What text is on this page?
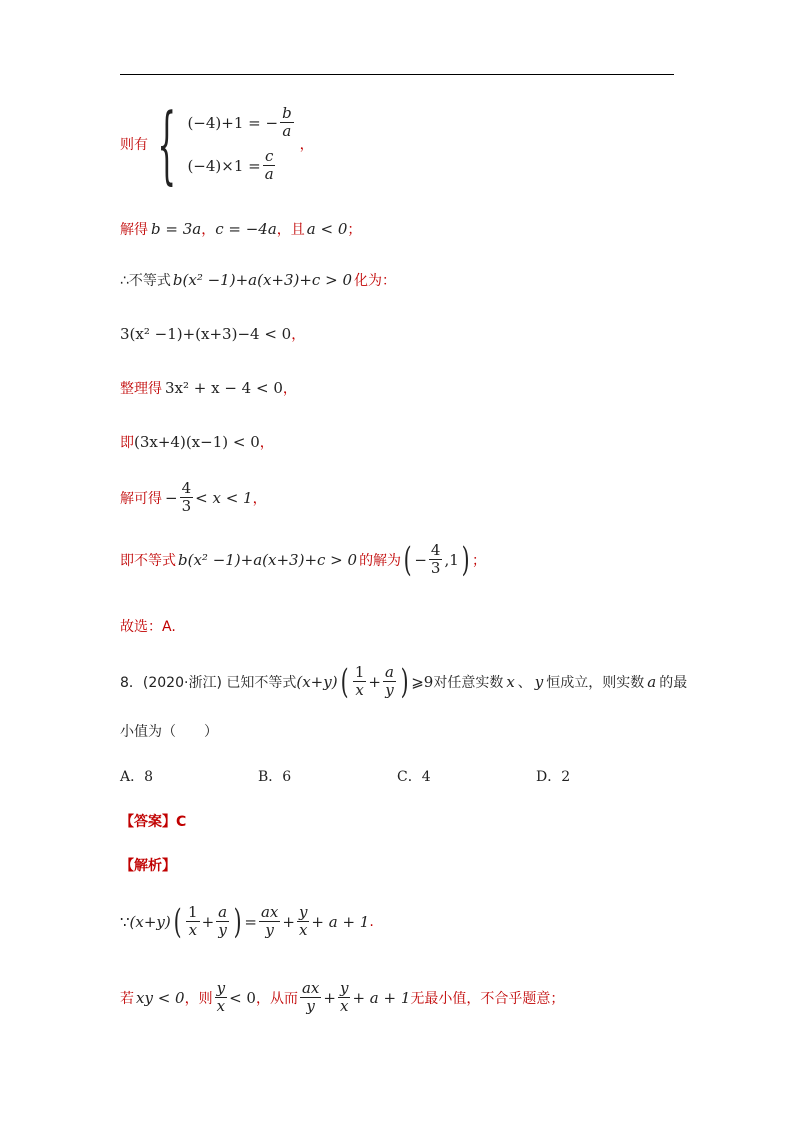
则有 { (−4)+1 = − $\frac{b}{a}$
$(-4)\times 1 = \frac{c}{a}$
，
解得 b = 3a ， c = −4a ，且 a < 0 ；
∴不等式 b(x² −1)+a(x+3)+c > 0 化为：
3(x² −1)+(x+3)−4 < 0 ，
整理得 3x² + x − 4 < 0 ，
即 (3x+4)(x−1) < 0 ，
解可得 − $\frac{4}{3} < x < 1$ ，
即不等式 b(x² −1)+a(x+3)+c > 0 的解为 ( − $\frac{4}{3} ,1$ ) ；
故选：A.
8．(2020·浙江) 已知不等式 (x+y) ( $\frac{1}{x} + \frac{a}{y}$ ) ⩾9 对任意实数 x 、 y 恒成立，则实数 a 的最
小值为（　　）
A．8	B．6	C．4	D．2
【答案】C
【解析】
∵ (x+y) ( $\frac{1}{x} + \frac{a}{y}$ ) = $\frac{ax}{y} + \frac{y}{x} + a + 1$ .
若 xy < 0 ，则 $\frac{y}{x} < 0$ ，从而 $\frac{ax}{y} + \frac{y}{x} + a + 1$ 无最小值，不合乎题意；
